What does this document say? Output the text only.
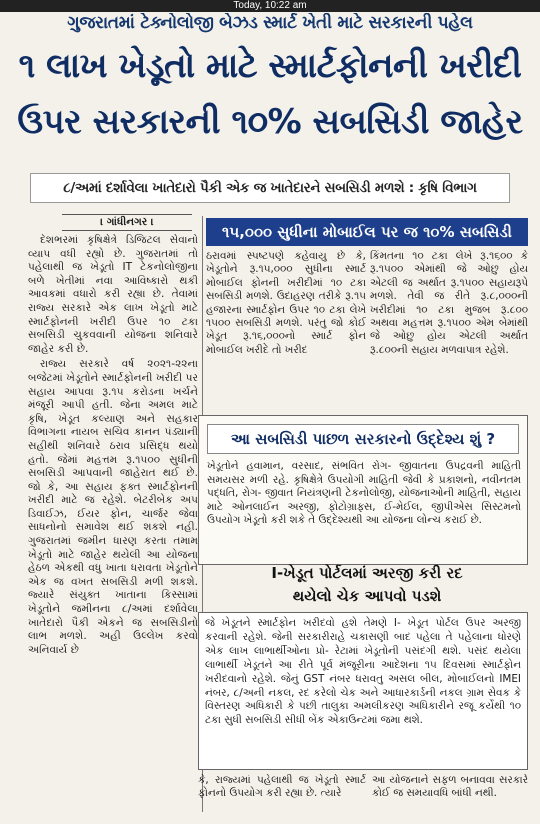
Today, 10:22 am
ગુજરાતમાં ટેક્નોલોજી બેઝડ સ્માર્ટ ખેતી માટે સરકારની પહેલ
૧ લાખ ખેડૂતો માટે સ્માર્ટફોનની ખરીદી
ઉપર સરકારની ૧૦% સબસિડી જાહેર
૮/અમાં દર્શાવેલા ખાતેદારો પૈકી એક જ ખાતેદારને સબસિડી મળશે : કૃષિ વિભાગ
। ગાંધીનગર ।

દેશભરમાં કૃષિક્ષેત્રે ડિજિટલ સેવાનો વ્યાપ વધી રહ્યો છે. ગુજરાતમાં તો પહેલાથી જ ખેડૂતો IT ટેકનોલોજીના બળે ખેતીમાં નવા આવિષ્કારો થકી આવકમાં વધારો કરી રહ્યા છે. તેવામાં રાજ્ય સરકારે એક લાખ ખેડૂતો માટે સ્માર્ટફોનની ખરીદી ઉપર ૧૦ ટકા સબસિડી ચુકવવાની યોજના શનિવારે જાહેર કરી છે.

રાજ્ય સરકારે વર્ષ ૨૦૨૧-૨૨ના બજેટમાં ખેડૂતોને સ્માર્ટફોનની ખરીદી પર સહાય આપવા રૂ.૧૫ કરોડના ખર્ચને મંજૂરી આપી હતી. જેના અમલ માટે કૃષિ, ખેડૂત કલ્યાણ અને સહકાર વિભાગના નાયબ સચિવ કાનન પંડ્યાની સહીથી શનિવારે ઠરાવ પ્રસિદ્ધ થયો હતો. જેમાં મહત્તમ રૂ.૧૫૦૦ સુધીની સબસિડી આપવાની જાહેરાત થઈ છે. જો કે, આ સહાય ફક્ત સ્માર્ટફોનની ખરીદી માટે જ રહેશે. બેટરીબેક અપ ડિવાઈઝ, ઈયર ફોન, ચાર્જર જેવા સાધનોનો સમાવેશ થઈ શકશે નહી. ગુજરાતમાં જમીન ધારણ કરતા તમામ ખેડૂતો માટે જાહેર થયેલી આ યોજના હેઠળ એકથી વધુ ખાતા ધરાવતા ખેડૂતોને એક જ વખત સબસિડી મળી શકશે. જ્યારે સંયુક્ત ખાતાના કિસ્સામાં ખેડૂતોને જમીનના ૮/અમાં દર્શાવેલા ખાતેદારો પૈકી એકને જ સબસિડીનો લાભ મળશે. અહી ઉલ્લેખ કરવો અનિવાર્ય છે

૧૫,૦૦૦ સુધીના મોબાઈલ પર જ ૧૦% સબસિડી
ઠરાવમાં સ્પષ્ટપણે કહેવાયુ છે કે, ખેડૂતોને રૂ.૧૫,૦૦૦ સુધીના સ્માર્ટ મોબાઈલ ફોનની ખરીદીમાં ૧૦ ટકા સબસિડી મળશે. ઉદાહરણ તરીકે રૂ.૧૫ હજારના સ્માર્ટફોન ઉપર ૧૦ ટકા લેખે ૧૫૦૦ સબસિડી મળશે. પરંતુ જો કોઈ ખેડૂત રૂ.૧૬,૦૦૦નો સ્માર્ટ ફોન મોબાઈલ ખરીદે તો ખરીદ
કિંમતના ૧૦ ટકા લેખે રૂ.૧૬૦૦ કે રૂ.૧૫૦૦ એમાંથી જે ઓછુ હોય એટલી જ અર્થાત રૂ.૧૫૦૦ સહાયરૂપે મળશે. તેવી જ રીતે રૂ.૮,૦૦૦ની ખરીદીમાં ૧૦ ટકા મુજબ રૂ.૮૦૦ અથવા મહત્તમ રૂ.૧૫૦૦ એમ બેમાંથી જે ઓછુ હોય એટલી અર્થાત રૂ.૮૦૦ની સહાય મળવાપાત્ર રહેશે.
આ સબસિડી પાછળ સરકારનો ઉદ્દેશ્ય શું ?
ખેડૂતોને હવામાન, વરસાદ, સંભવિત રોગ- જીવાતના ઉપદ્રવની માહિતી સમયસર મળી રહે. કૃષિક્ષેત્રે ઉપયોગી માહિતી જેવી કે પ્રકાશનો, નવીનતમ પદ્ધતિ, રોગ- જીવાત નિયંત્રણની ટેકનોલોજી, યોજનાઓની માહિતી, સહાય માટે ઓનલાઈન અરજી, ફોટોગ્રાફ્સ, ઈ-મેઈલ, જીપીએસ સિસ્ટમનો ઉપયોગ ખેડૂતો કરી શકે તે ઉદ્દેશ્યથી આ યોજના લોન્ચ કરાઈ છે.
I-ખેડૂત પોર્ટલમાં અરજી કરી રદ
થયેલો ચેક આપવો પડશે
જે ખેડૂતને સ્માર્ટફોન ખરીદવો હશે તેમણે I- ખેડૂત પોર્ટલ ઉપર અરજી કરવાની રહેશે. જેની સરકારીરાહે ચકાસણી બાદ પહેલા તે પહેલાના ધોરણે એક લાખ લાભાર્થીઓના પ્રો- રેટામાં ખેડૂતોની પસંદગી થશે. પસંદ થયેલા લાભાર્થી ખેડૂતને આ રીતે પૂર્વ મંજૂરીના આદેશના ૧૫ દિવસમાં સ્માર્ટફોન ખરીદવાનો રહેશે. જેનું GST નંબર ધરાવતુ અસલ બીલ, મોબાઈલનો IMEI નંબર, ૮/અની નકલ, રદ કરેલો ચેક અને આધારકાર્ડની નકલ ગ્રામ સેવક કે વિસ્તરણ અધિકારી કે પછી તાલુકા અમલીકરણ અધિકારીને રજૂ કર્યેથી ૧૦ ટકા સુધી સબસિડી સીધી બેંક એકાઉન્ટમાં જમા થશે.
કે, રાજ્યમાં પહેલાથી જ ખેડૂતો સ્માર્ટ ફોનનો ઉપયોગ કરી રહ્યા છે. ત્યારે
આ યોજનાને સફળ બનાવવા સરકારે કોઈ જ સમયાવધિ બાંધી નથી.
